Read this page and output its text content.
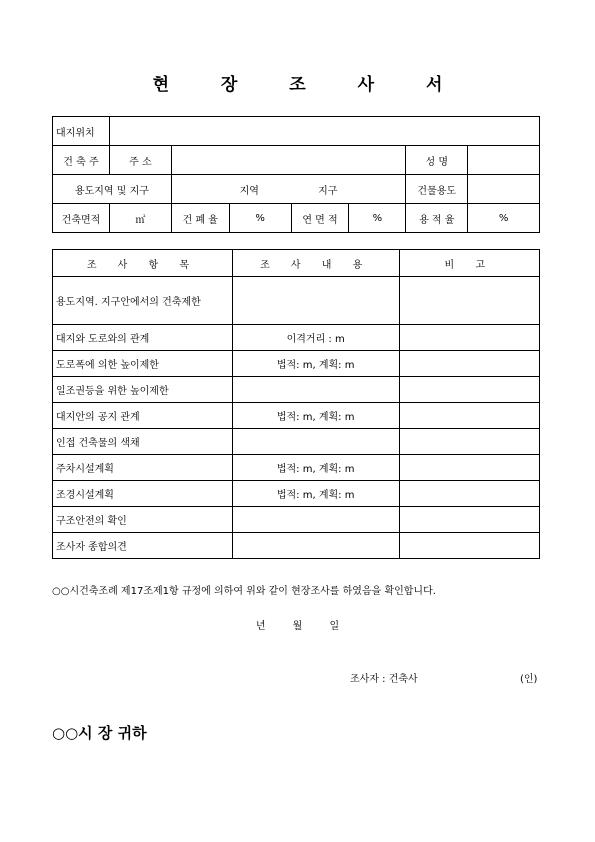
현 장 조 사 서
대지위치							
건 축 주	주 소					성 명	
용도지역 및 지구		지역 지구				건물용도	
건축면적	㎡	건 폐 율	%	연 면 적	%	용 적 율	%
조 사 항 목	조 사 내 용	비 고
용도지역. 지구안에서의 건축제한		
대지와 도로와의 관계	이격거리 : m	
도로폭에 의한 높이제한	법적: m, 계획: m	
일조권등을 위한 높이제한		
대지안의 공지 관계	법적: m, 계획: m	
인접 건축물의 색채		
주차시설계획	법적: m, 계획: m	
조경시설계획	법적: m, 계획: m	
구조안전의 확인		
조사자 종합의견		
○○시건축조례 제17조제1항 규정에 의하여 위와 같이 현장조사를 하였음을 확인합니다.
년 월 일
조사자 : 건축사	(인)
○○시 장 귀하
